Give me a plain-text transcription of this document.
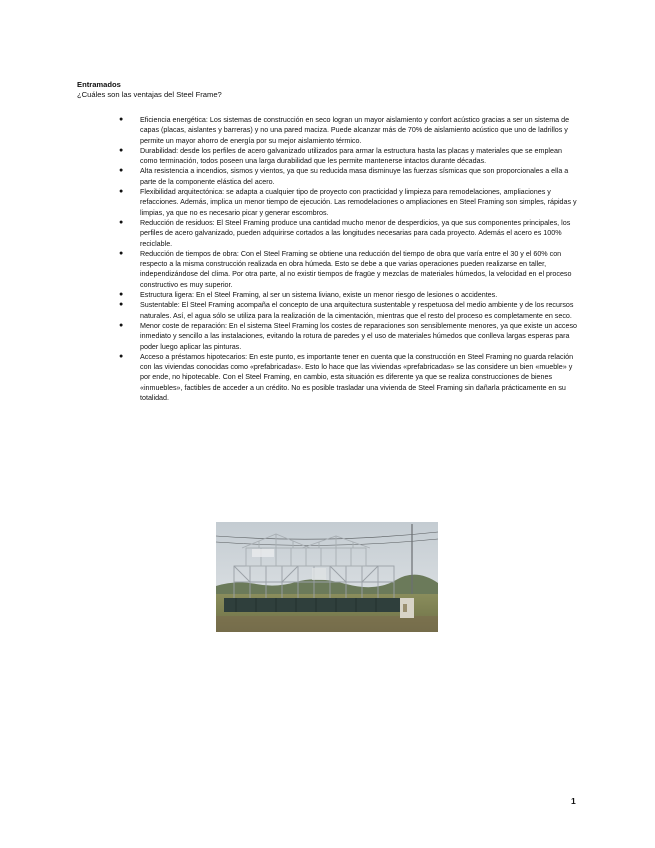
Entramados
¿Cuáles son las ventajas del Steel Frame?
● Eficiencia energética: Los sistemas de construcción en seco logran un mayor aislamiento y confort acústico gracias a ser un sistema de capas (placas, aislantes y barreras) y no una pared maciza. Puede alcanzar más de 70% de aislamiento acústico que uno de ladrillos y permite un mayor ahorro de energía por su mejor aislamiento térmico.
● Durabilidad: desde los perfiles de acero galvanizado utilizados para armar la estructura hasta las placas y materiales que se emplean como terminación, todos poseen una larga durabilidad que les permite mantenerse intactos durante décadas.
● Alta resistencia a incendios, sismos y vientos, ya que su reducida masa disminuye las fuerzas sísmicas que son proporcionales a ella a parte de la componente elástica del acero.
● Flexibilidad arquitectónica: se adapta a cualquier tipo de proyecto con practicidad y limpieza para remodelaciones, ampliaciones y refacciones. Además, implica un menor tiempo de ejecución. Las remodelaciones o ampliaciones en Steel Framing son simples, rápidas y limpias, ya que no es necesario picar y generar escombros.
● Reducción de residuos: El Steel Framing produce una cantidad mucho menor de desperdicios, ya que sus componentes principales, los perfiles de acero galvanizado, pueden adquirirse cortados a las longitudes necesarias para cada proyecto. Además el acero es 100% reciclable.
● Reducción de tiempos de obra: Con el Steel Framing se obtiene una reducción del tiempo de obra que varía entre el 30 y el 60% con respecto a la misma construcción realizada en obra húmeda. Esto se debe a que varias operaciones pueden realizarse en taller, independizándose del clima. Por otra parte, al no existir tiempos de fragüe y mezclas de materiales húmedos, la velocidad en el proceso constructivo es muy superior.
● Estructura ligera: En el Steel Framing, al ser un sistema liviano, existe un menor riesgo de lesiones o accidentes.
● Sustentable: El Steel Framing acompaña el concepto de una arquitectura sustentable y respetuosa del medio ambiente y de los recursos naturales. Así, el agua sólo se utiliza para la realización de la cimentación, mientras que el resto del proceso es completamente en seco.
● Menor coste de reparación: En el sistema Steel Framing los costes de reparaciones son sensiblemente menores, ya que existe un acceso inmediato y sencillo a las instalaciones, evitando la rotura de paredes y el uso de materiales húmedos que conlleva largas esperas para poder luego aplicar las pinturas.
● Acceso a préstamos hipotecarios: En este punto, es importante tener en cuenta que la construcción en Steel Framing no guarda relación con las viviendas conocidas como «prefabricadas». Esto lo hace que las viviendas «prefabricadas» se las considere un bien «mueble» y por ende, no hipotecable. Con el Steel Framing, en cambio, esta situación es diferente ya que se realiza construcciones de bienes «inmuebles», factibles de acceder a un crédito. No es posible trasladar una vivienda de Steel Framing sin dañarla prácticamente en su totalidad.
1
